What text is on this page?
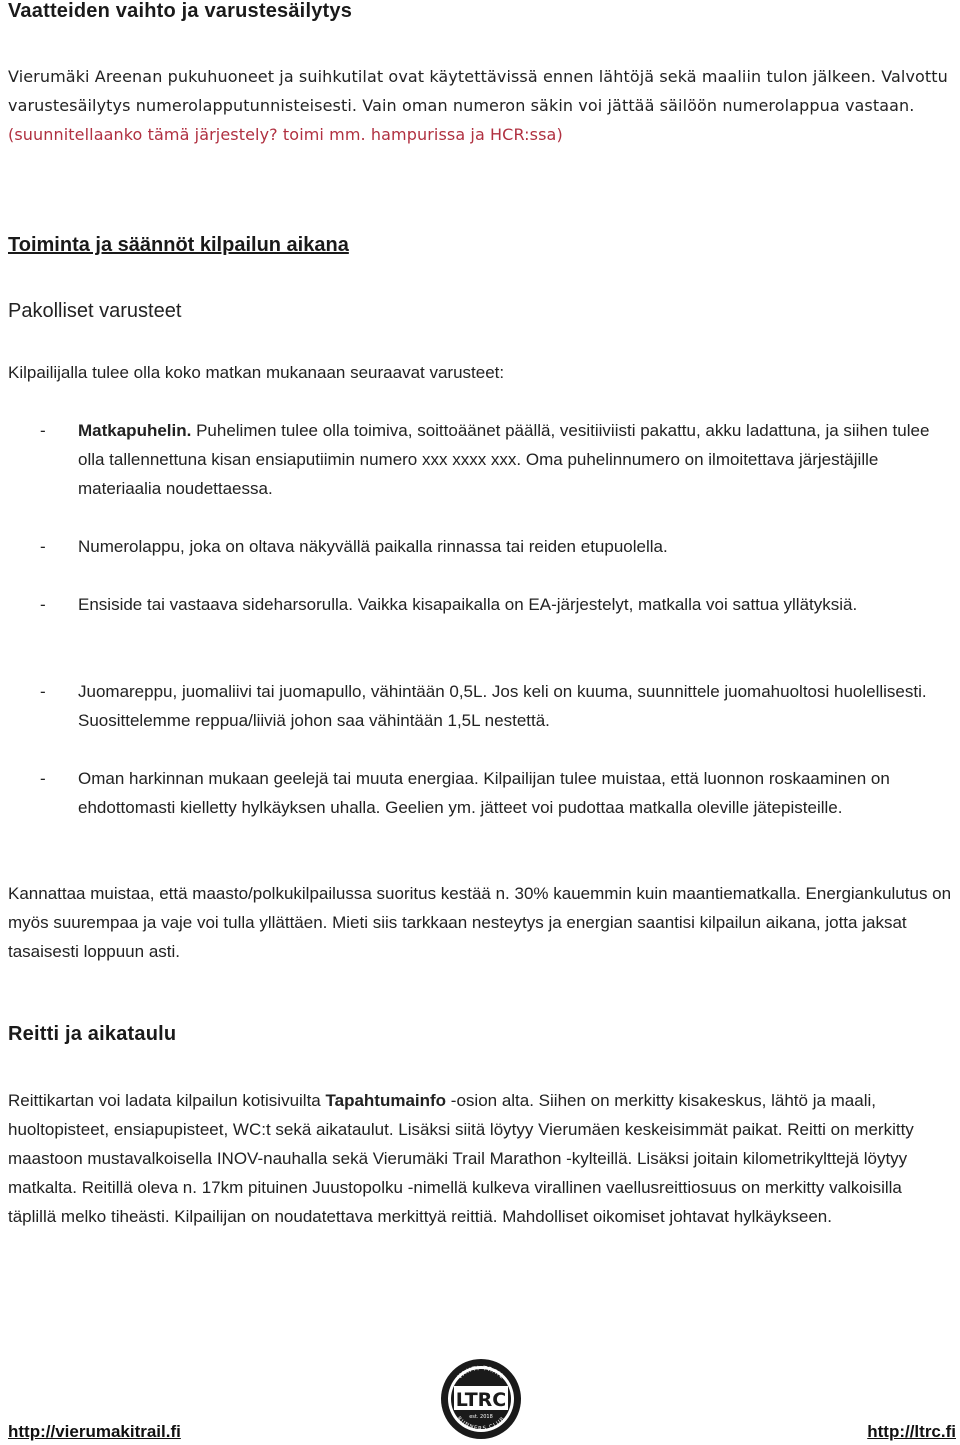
Vaatteiden vaihto ja varustesäilytys

Vierumäki Areenan pukuhuoneet ja suihkutilat ovat käytettävissä ennen lähtöjä sekä maaliin tulon jälkeen. Valvottu varustesäilytys numerolapputunnisteisesti. Vain oman numeron säkin voi jättää säilöön numerolappua vastaan. (suunnitellaanko tämä järjestely? toimi mm. hampurissa ja HCR:ssa)

Toiminta ja säännöt kilpailun aikana
Pakolliset varusteet

Kilpailijalla tulee olla koko matkan mukanaan seuraavat varusteet:

- Matkapuhelin. Puhelimen tulee olla toimiva, soittoäänet päällä, vesitiiviisti pakattu, akku ladattuna, ja siihen tulee olla tallennettuna kisan ensiaputiimin numero xxx xxxx xxx. Oma puhelinnumero on ilmoitettava järjestäjille materiaalia noudettaessa.
- Numerolappu, joka on oltava näkyvällä paikalla rinnassa tai reiden etupuolella.
- Ensiside tai vastaava sideharsorulla. Vaikka kisapaikalla on EA-järjestelyt, matkalla voi sattua yllätyksiä.
- Juomareppu, juomaliivi tai juomapullo, vähintään 0,5L. Jos keli on kuuma, suunnittele juomahuoltosi huolellisesti. Suosittelemme reppua/liiviä johon saa vähintään 1,5L nestettä.
- Oman harkinnan mukaan geelejä tai muuta energiaa. Kilpailijan tulee muistaa, että luonnon roskaaminen on ehdottomasti kielletty hylkäyksen uhalla. Geelien ym. jätteet voi pudottaa matkalla oleville jätepisteille.

Kannattaa muistaa, että maasto/polkukilpailussa suoritus kestää n. 30% kauemmin kuin maantiematkalla. Energiankulutus on myös suurempaa ja vaje voi tulla yllättäen. Mieti siis tarkkaan nesteytys ja energian saantisi kilpailun aikana, jotta jaksat tasaisesti loppuun asti.

Reitti ja aikataulu

Reittikartan voi ladata kilpailun kotisivuilta Tapahtumainfo -osion alta. Siihen on merkitty kisakeskus, lähtö ja maali, huoltopisteet, ensiapupisteet, WC:t sekä aikataulut. Lisäksi siitä löytyy Vierumäen keskeisimmät paikat. Reitti on merkitty maastoon mustavalkoisella INOV-nauhalla sekä Vierumäki Trail Marathon -kylteillä. Lisäksi joitain kilometrikylttejä löytyy matkalta. Reitillä oleva n. 17km pituinen Juustopolku -nimellä kulkeva virallinen vaellusreittiosuus on merkitty valkoisilla täplillä melko tiheästi. Kilpailijan on noudatettava merkittyä reittiä. Mahdolliset oikomiset johtavat hylkäykseen.

http://vierumakitrail.fi
VAHTI TRAIL
RUNNERS CLUB
LTRC
est. 2018
http://ltrc.fi
